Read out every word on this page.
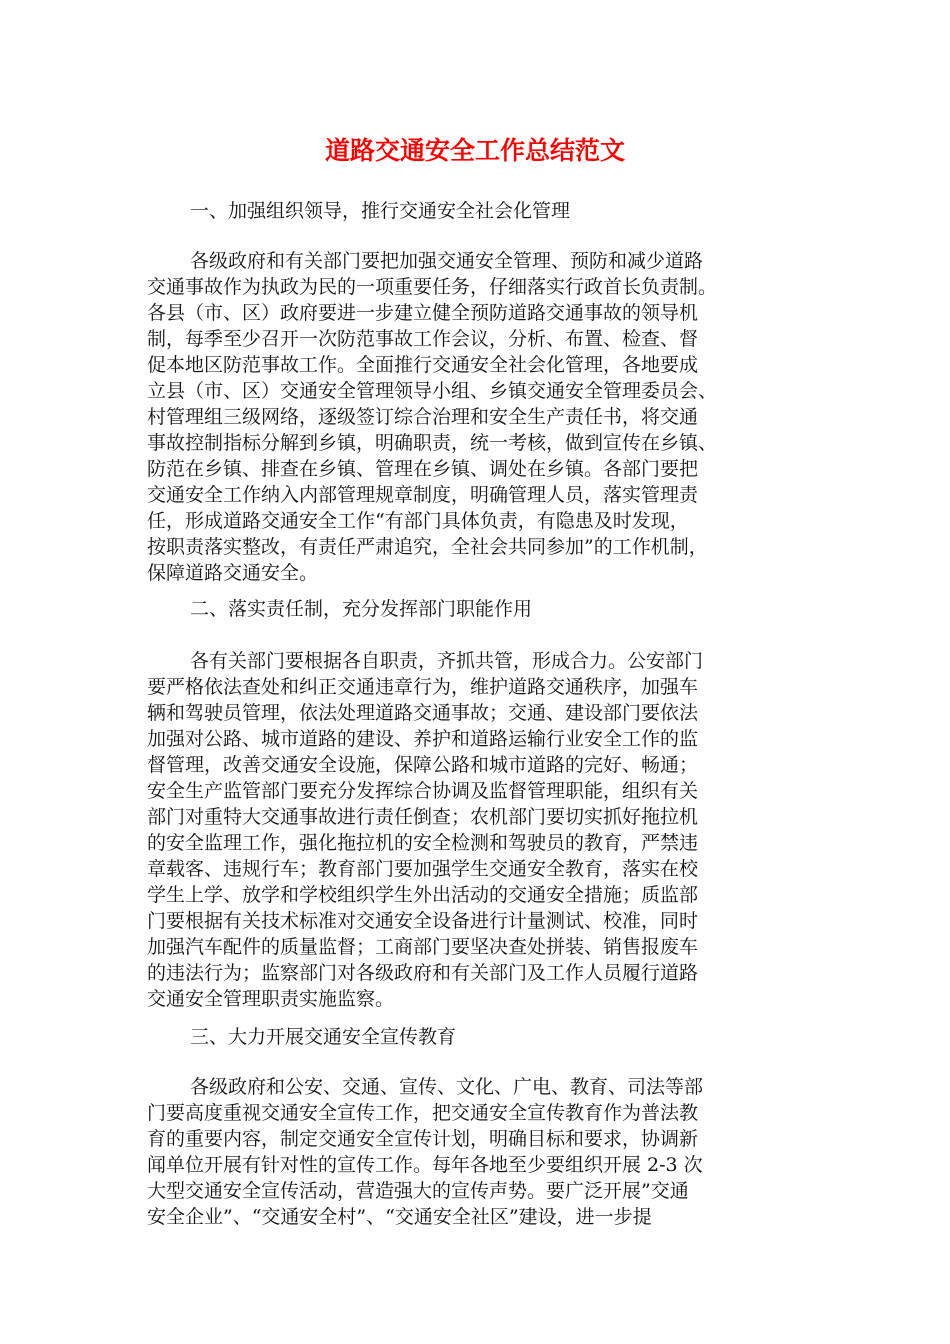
道路交通安全工作总结范文

一、加强组织领导，推行交通安全社会化管理

各级政府和有关部门要把加强交通安全管理、预防和减少道路
交通事故作为执政为民的一项重要任务，仔细落实行政首长负责制。
各县（市、区）政府要进一步建立健全预防道路交通事故的领导机
制，每季至少召开一次防范事故工作会议，分析、布置、检查、督
促本地区防范事故工作。全面推行交通安全社会化管理，各地要成
立县（市、区）交通安全管理领导小组、乡镇交通安全管理委员会、
村管理组三级网络，逐级签订综合治理和安全生产责任书，将交通
事故控制指标分解到乡镇，明确职责，统一考核，做到宣传在乡镇、
防范在乡镇、排查在乡镇、管理在乡镇、调处在乡镇。各部门要把
交通安全工作纳入内部管理规章制度，明确管理人员，落实管理责
任，形成道路交通安全工作“有部门具体负责，有隐患及时发现，
按职责落实整改，有责任严肃追究，全社会共同参加”的工作机制，
保障道路交通安全。

二、落实责任制，充分发挥部门职能作用

各有关部门要根据各自职责，齐抓共管，形成合力。公安部门
要严格依法查处和纠正交通违章行为，维护道路交通秩序，加强车
辆和驾驶员管理，依法处理道路交通事故；交通、建设部门要依法
加强对公路、城市道路的建设、养护和道路运输行业安全工作的监
督管理，改善交通安全设施，保障公路和城市道路的完好、畅通；
安全生产监管部门要充分发挥综合协调及监督管理职能，组织有关
部门对重特大交通事故进行责任倒查；农机部门要切实抓好拖拉机
的安全监理工作，强化拖拉机的安全检测和驾驶员的教育，严禁违
章载客、违规行车；教育部门要加强学生交通安全教育，落实在校
学生上学、放学和学校组织学生外出活动的交通安全措施；质监部
门要根据有关技术标准对交通安全设备进行计量测试、校准，同时
加强汽车配件的质量监督；工商部门要坚决查处拼装、销售报废车
的违法行为；监察部门对各级政府和有关部门及工作人员履行道路
交通安全管理职责实施监察。

三、大力开展交通安全宣传教育

各级政府和公安、交通、宣传、文化、广电、教育、司法等部
门要高度重视交通安全宣传工作，把交通安全宣传教育作为普法教
育的重要内容，制定交通安全宣传计划，明确目标和要求，协调新
闻单位开展有针对性的宣传工作。每年各地至少要组织开展 2-3 次
大型交通安全宣传活动，营造强大的宣传声势。要广泛开展”交通
安全企业”、“交通安全村”、“交通安全社区”建设，进一步提
